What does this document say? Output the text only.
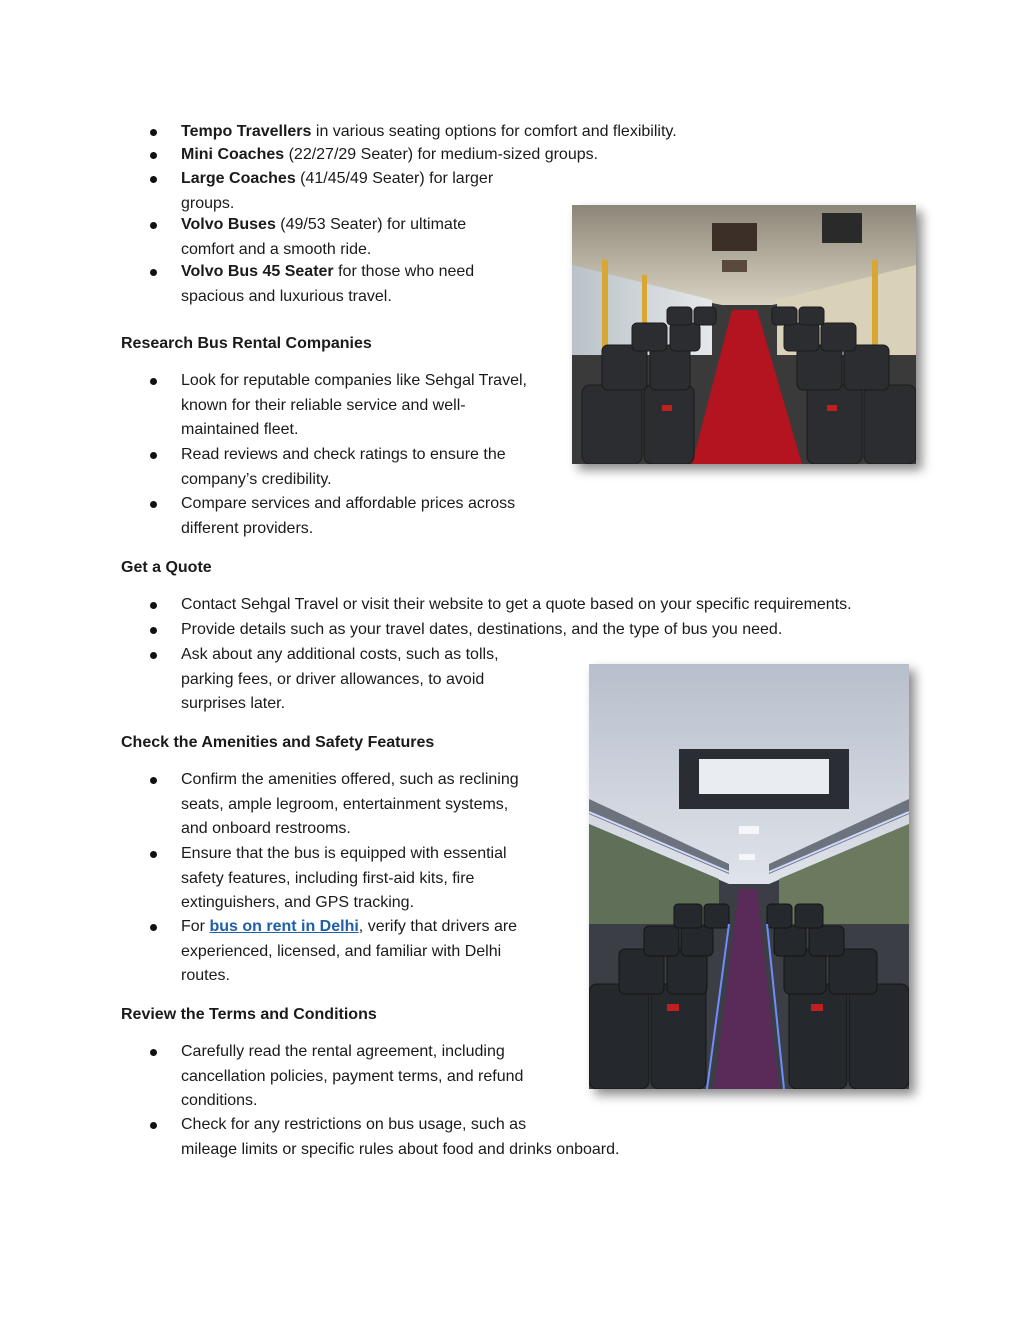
Tempo Travellers in various seating options for comfort and flexibility.
Mini Coaches (22/27/29 Seater) for medium-sized groups.
Large Coaches (41/45/49 Seater) for larger
groups.
Volvo Buses (49/53 Seater) for ultimate
comfort and a smooth ride.
Volvo Bus 45 Seater for those who need
spacious and luxurious travel.
Research Bus Rental Companies
Look for reputable companies like Sehgal Travel,
known for their reliable service and well-
maintained fleet.
Read reviews and check ratings to ensure the
company’s credibility.
Compare services and affordable prices across
different providers.
Get a Quote
Contact Sehgal Travel or visit their website to get a quote based on your specific requirements.
Provide details such as your travel dates, destinations, and the type of bus you need.
Ask about any additional costs, such as tolls,
parking fees, or driver allowances, to avoid
surprises later.
Check the Amenities and Safety Features
Confirm the amenities offered, such as reclining
seats, ample legroom, entertainment systems,
and onboard restrooms.
Ensure that the bus is equipped with essential
safety features, including first-aid kits, fire
extinguishers, and GPS tracking.
For bus on rent in Delhi, verify that drivers are
experienced, licensed, and familiar with Delhi
routes.
Review the Terms and Conditions
Carefully read the rental agreement, including
cancellation policies, payment terms, and refund
conditions.
Check for any restrictions on bus usage, such as
mileage limits or specific rules about food and drinks onboard.
